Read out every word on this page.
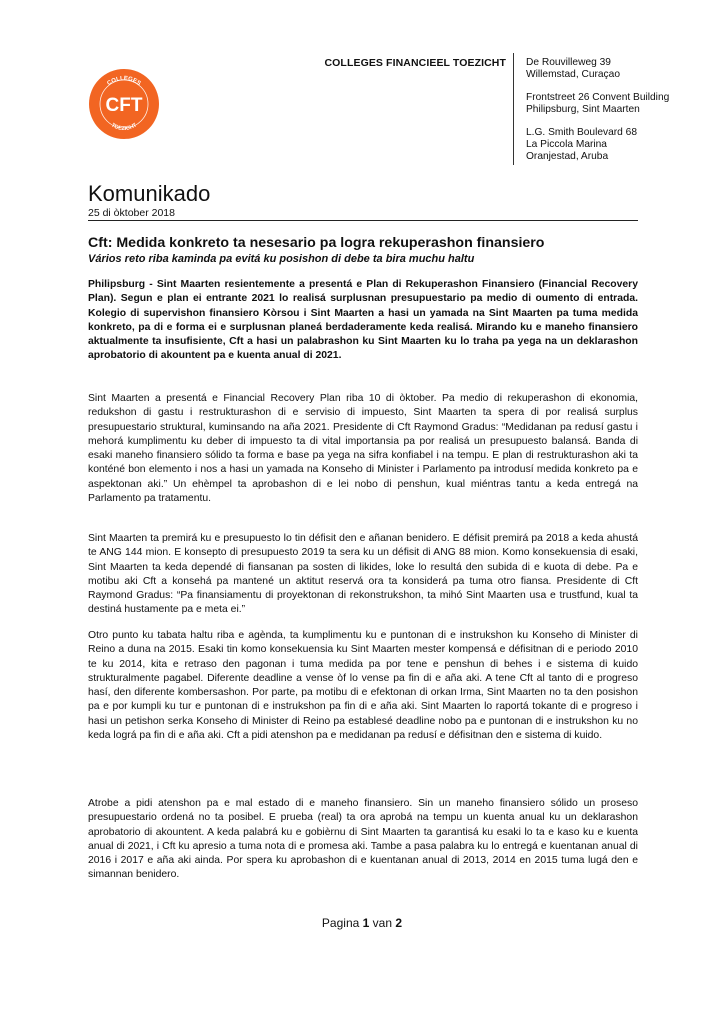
COLLEGES
TOEZICHT
CFT
COLLEGES FINANCIEEL TOEZICHT De Rouvilleweg 39
Willemstad, Curaçao
Frontstreet 26 Convent Building
Philipsburg, Sint Maarten
L.G. Smith Boulevard 68
La Piccola Marina
Oranjestad, Aruba
Komunikado
25 di òktober 2018
Cft: Medida konkreto ta nesesario pa logra rekuperashon finansiero
Vários reto riba kaminda pa evitá ku posishon di debe ta bira muchu haltu

Philipsburg - Sint Maarten resientemente a presentá e Plan di Rekuperashon Finansiero (Financial Recovery Plan). Segun e plan ei entrante 2021 lo realisá surplusnan presupuestario pa medio di oumento di entrada. Kolegio di supervishon finansiero Kòrsou i Sint Maarten a hasi un yamada na Sint Maarten pa tuma medida konkreto, pa di e forma ei e surplusnan planeá berdaderamente keda realisá. Mirando ku e maneho finansiero aktualmente ta insufisiente, Cft a hasi un palabrashon ku Sint Maarten ku lo traha pa yega na un deklarashon aprobatorio di akountent pa e kuenta anual di 2021.

Sint Maarten a presentá e Financial Recovery Plan riba 10 di òktober. Pa medio di rekuperashon di ekonomia, redukshon di gastu i restrukturashon di e servisio di impuesto, Sint Maarten ta spera di por realisá surplus presupuestario struktural, kuminsando na aña 2021. Presidente di Cft Raymond Gradus: “Medidanan pa redusí gastu i mehorá kumplimentu ku deber di impuesto ta di vital importansia pa por realisá un presupuesto balansá. Banda di esaki maneho finansiero sólido ta forma e base pa yega na sifra konfiabel i na tempu. E plan di restrukturashon aki ta konténé bon elemento i nos a hasi un yamada na Konseho di Minister i Parlamento pa introdusí medida konkreto pa e aspektonan aki.” Un ehèmpel ta aprobashon di e lei nobo di penshun, kual miéntras tantu a keda entregá na Parlamento pa tratamentu.

Sint Maarten ta premirá ku e presupuesto lo tin défisit den e añanan benidero. E défisit premirá pa 2018 a keda ahustá te ANG 144 mion. E konsepto di presupuesto 2019 ta sera ku un défisit di ANG 88 mion. Komo konsekuensia di esaki, Sint Maarten ta keda dependé di fiansanan pa sosten di likides, loke lo resultá den subida di e kuota di debe. Pa e motibu aki Cft a konsehá pa mantené un aktitut reservá ora ta konsiderá pa tuma otro fiansa. Presidente di Cft Raymond Gradus: “Pa finansiamentu di proyektonan di rekonstrukshon, ta mihó Sint Maarten usa e trustfund, kual ta destiná hustamente pa e meta ei.”

Otro punto ku tabata haltu riba e agènda, ta kumplimentu ku e puntonan di e instrukshon ku Konseho di Minister di Reino a duna na 2015. Esaki tin komo konsekuensia ku Sint Maarten mester kompensá e défisitnan di e periodo 2010 te ku 2014, kita e retraso den pagonan i tuma medida pa por tene e penshun di behes i e sistema di kuido strukturalmente pagabel. Diferente deadline a vense òf lo vense pa fin di e aña aki. A tene Cft al tanto di e progreso hasí, den diferente kombersashon. Por parte, pa motibu di e efektonan di orkan Irma, Sint Maarten no ta den posishon pa e por kumpli ku tur e puntonan di e instrukshon pa fin di e aña aki. Sint Maarten lo raportá tokante di e progreso i hasi un petishon serka Konseho di Minister di Reino pa establesé deadline nobo pa e puntonan di e instrukshon ku no keda lográ pa fin di e aña aki. Cft a pidi atenshon pa e medidanan pa redusí e défisitnan den e sistema di kuido.

Atrobe a pidi atenshon pa e mal estado di e maneho finansiero. Sin un maneho finansiero sólido un proseso presupuestario ordená no ta posibel. E prueba (real) ta ora aprobá na tempu un kuenta anual ku un deklarashon aprobatorio di akountent. A keda palabrá ku e gobièrnu di Sint Maarten ta garantisá ku esaki lo ta e kaso ku e kuenta anual di 2021, i Cft ku apresio a tuma nota di e promesa aki. Tambe a pasa palabra ku lo entregá e kuentanan anual di 2016 i 2017 e aña aki ainda. Por spera ku aprobashon di e kuentanan anual di 2013, 2014 en 2015 tuma lugá den e simannan benidero.

Pagina 1 van 2
